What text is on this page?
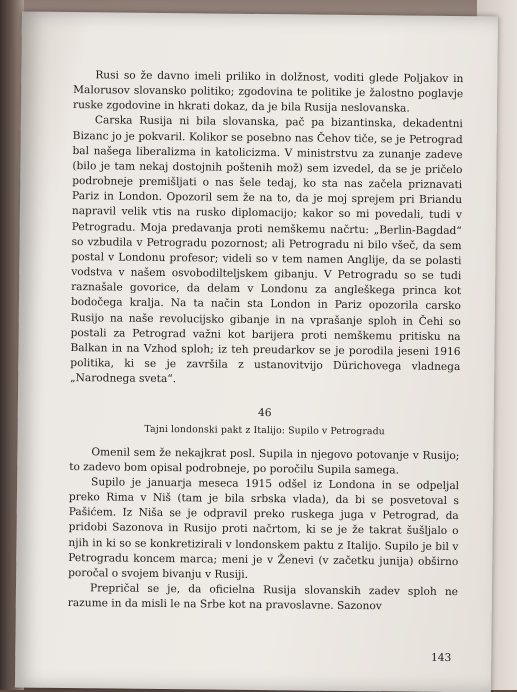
Rusi so že davno imeli priliko in dolžnost, voditi glede Poljakov in Malorusov slovansko politiko; zgodovina te politike je žalostno poglavje ruske zgodovine in hkrati dokaz, da je bila Rusija neslovanska.

Carska Rusija ni bila slovanska, pač pa bizantinska, dekadentni Bizanc jo je pokvaril. Kolikor se posebno nas Čehov tiče, se je Petrograd bal našega liberalizma in katolicizma. V ministrstvu za zunanje zadeve (bilo je tam nekaj dostojnih poštenih mož) sem izvedel, da se je pričelo podrobneje premišljati o nas šele tedaj, ko sta nas začela priznavati Pariz in London. Opozoril sem že na to, da je moj sprejem pri Briandu napravil velik vtis na rusko diplomacijo; kakor so mi povedali, tudi v Petrogradu. Moja predavanja proti nemškemu načrtu: „Berlin-Bagdad“ so vzbudila v Petrogradu pozornost; ali Petrogradu ni bilo všeč, da sem postal v Londonu profesor; videli so v tem namen Anglije, da se polasti vodstva v našem osvobodilteljskem gibanju. V Petrogradu so se tudi raznašale govorice, da delam v Londonu za angleškega princa kot bodočega kralja. Na ta način sta London in Pariz opozorila carsko Rusijo na naše revolucijsko gibanje in na vprašanje sploh in Čehi so postali za Petrograd važni kot barijera proti nemškemu pritisku na Balkan in na Vzhod sploh; iz teh preudarkov se je porodila jeseni 1916 politika, ki se je završila z ustanovitvijo Dürichovega vladnega „Narodnega sveta“.

46
Tajni londonski pakt z Italijo: Supilo v Petrogradu

Omenil sem že nekajkrat posl. Supila in njegovo potovanje v Rusijo; to zadevo bom opisal podrobneje, po poročilu Supila samega.

Supilo je januarja meseca 1915 odšel iz Londona in se odpeljal preko Rima v Niš (tam je bila srbska vlada), da bi se posvetoval s Pašićem. Iz Niša se je odpravil preko ruskega juga v Petrograd, da pridobi Sazonova in Rusijo proti načrtom, ki se je že takrat šušljalo o njih in ki so se konkretizirali v londonskem paktu z Italijo. Supilo je bil v Petrogradu koncem marca; meni je v Ženevi (v začetku junija) obširno poročal o svojem bivanju v Rusiji.

Prepričal se je, da oficielna Rusija slovanskih zadev sploh ne razume in da misli le na Srbe kot na pravoslavne. Sazonov

143
